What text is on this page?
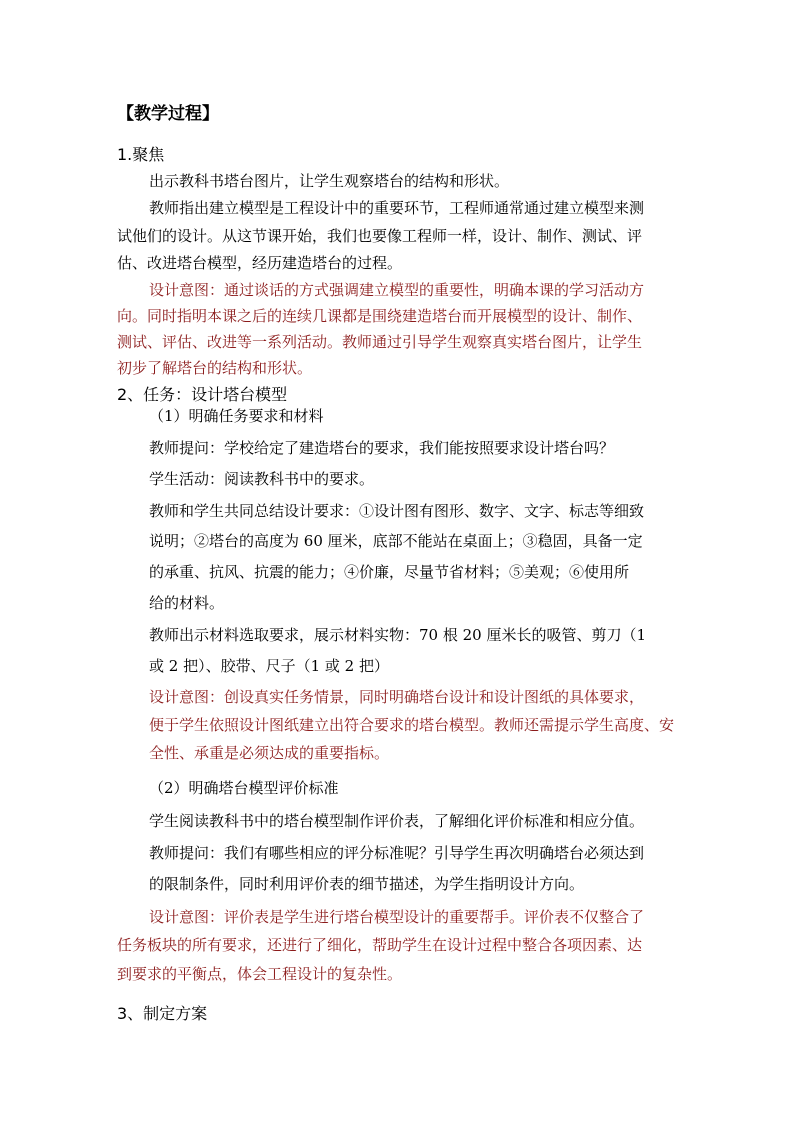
【教学过程】
1.聚焦
出示教科书塔台图片，让学生观察塔台的结构和形状。
教师指出建立模型是工程设计中的重要环节，工程师通常通过建立模型来测
试他们的设计。从这节课开始，我们也要像工程师一样，设计、制作、测试、评
估、改进塔台模型，经历建造塔台的过程。
设计意图：通过谈话的方式强调建立模型的重要性，明确本课的学习活动方
向。同时指明本课之后的连续几课都是围绕建造塔台而开展模型的设计、制作、
测试、评估、改进等一系列活动。教师通过引导学生观察真实塔台图片，让学生
初步了解塔台的结构和形状。
2、任务：设计塔台模型
（1）明确任务要求和材料
教师提问：学校给定了建造塔台的要求，我们能按照要求设计塔台吗？
学生活动：阅读教科书中的要求。
教师和学生共同总结设计要求：①设计图有图形、数字、文字、标志等细致
说明；②塔台的高度为 60 厘米，底部不能站在桌面上；③稳固，具备一定
的承重、抗风、抗震的能力；④价廉，尽量节省材料；⑤美观；⑥使用所
给的材料。
教师出示材料选取要求，展示材料实物：70 根 20 厘米长的吸管、剪刀（1
或 2 把）、胶带、尺子（1 或 2 把）
设计意图：创设真实任务情景，同时明确塔台设计和设计图纸的具体要求，
便于学生依照设计图纸建立出符合要求的塔台模型。教师还需提示学生高度、安
全性、承重是必须达成的重要指标。
（2）明确塔台模型评价标准
学生阅读教科书中的塔台模型制作评价表，了解细化评价标准和相应分值。
教师提问：我们有哪些相应的评分标准呢？引导学生再次明确塔台必须达到
的限制条件，同时利用评价表的细节描述，为学生指明设计方向。
设计意图：评价表是学生进行塔台模型设计的重要帮手。评价表不仅整合了
任务板块的所有要求，还进行了细化，帮助学生在设计过程中整合各项因素、达
到要求的平衡点，体会工程设计的复杂性。
3、制定方案
